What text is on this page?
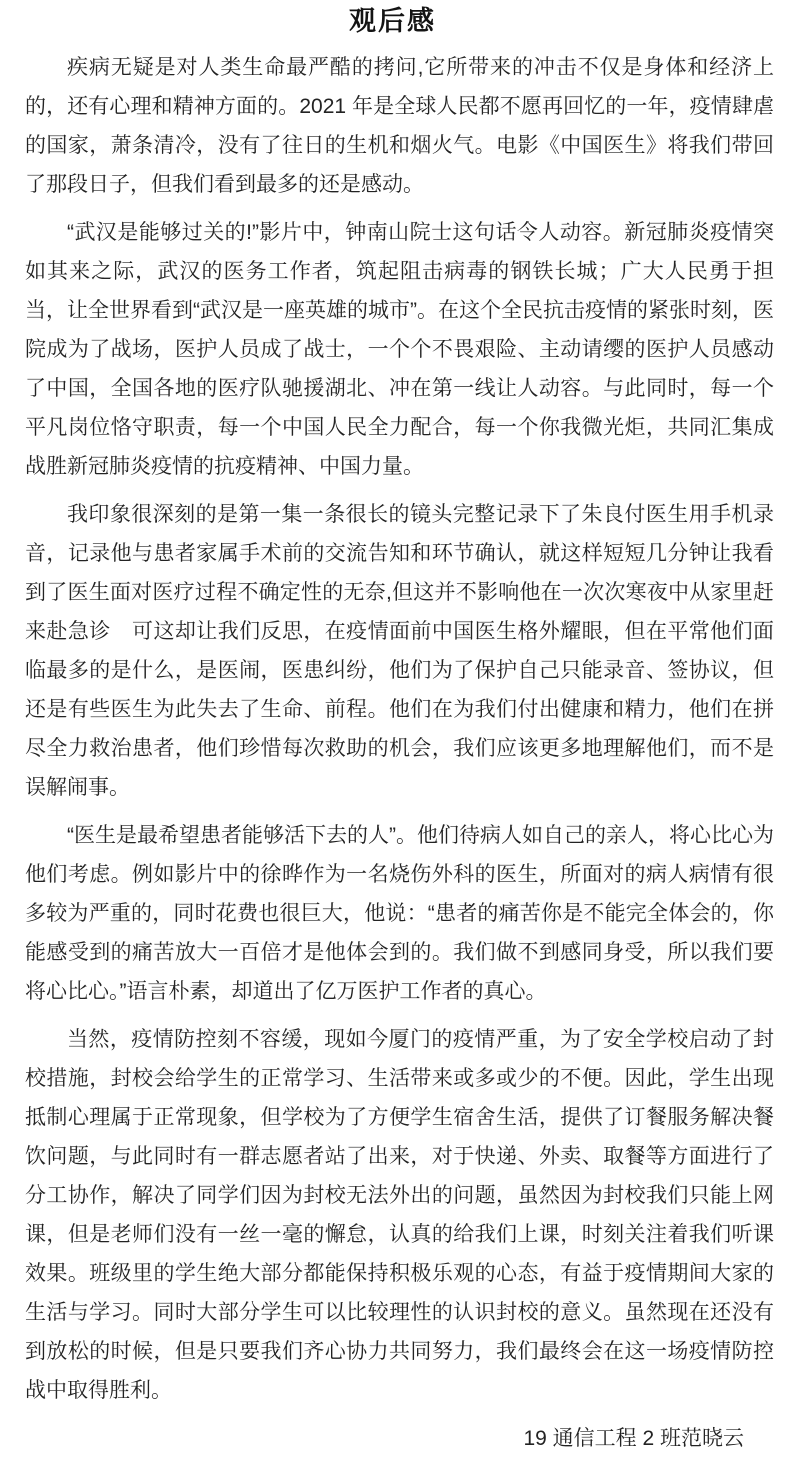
观后感

疾病无疑是对人类生命最严酷的拷问,它所带来的冲击不仅是身体和经济上的，还有心理和精神方面的。2021 年是全球人民都不愿再回忆的一年，疫情肆虐的国家，萧条清冷，没有了往日的生机和烟火气。电影《中国医生》将我们带回了那段日子，但我们看到最多的还是感动。

“武汉是能够过关的!”影片中，钟南山院士这句话令人动容。新冠肺炎疫情突如其来之际，武汉的医务工作者，筑起阻击病毒的钢铁长城；广大人民勇于担当，让全世界看到“武汉是一座英雄的城市”。在这个全民抗击疫情的紧张时刻，医院成为了战场，医护人员成了战士，一个个不畏艰险、主动请缨的医护人员感动了中国，全国各地的医疗队驰援湖北、冲在第一线让人动容。与此同时，每一个平凡岗位恪守职责，每一个中国人民全力配合，每一个你我微光炬，共同汇集成战胜新冠肺炎疫情的抗疫精神、中国力量。

我印象很深刻的是第一集一条很长的镜头完整记录下了朱良付医生用手机录音，记录他与患者家属手术前的交流告知和环节确认，就这样短短几分钟让我看到了医生面对医疗过程不确定性的无奈,但这并不影响他在一次次寒夜中从家里赶来赴急诊　可这却让我们反思，在疫情面前中国医生格外耀眼，但在平常他们面临最多的是什么，是医闹，医患纠纷，他们为了保护自己只能录音、签协议，但还是有些医生为此失去了生命、前程。他们在为我们付出健康和精力，他们在拼尽全力救治患者，他们珍惜每次救助的机会，我们应该更多地理解他们，而不是误解闹事。

“医生是最希望患者能够活下去的人”。他们待病人如自己的亲人，将心比心为他们考虑。例如影片中的徐晔作为一名烧伤外科的医生，所面对的病人病情有很多较为严重的，同时花费也很巨大，他说：“患者的痛苦你是不能完全体会的，你能感受到的痛苦放大一百倍才是他体会到的。我们做不到感同身受，所以我们要将心比心。”语言朴素，却道出了亿万医护工作者的真心。

当然，疫情防控刻不容缓，现如今厦门的疫情严重，为了安全学校启动了封校措施，封校会给学生的正常学习、生活带来或多或少的不便。因此，学生出现抵制心理属于正常现象，但学校为了方便学生宿舍生活，提供了订餐服务解决餐饮问题，与此同时有一群志愿者站了出来，对于快递、外卖、取餐等方面进行了分工协作，解决了同学们因为封校无法外出的问题，虽然因为封校我们只能上网课，但是老师们没有一丝一毫的懈怠，认真的给我们上课，时刻关注着我们听课效果。班级里的学生绝大部分都能保持积极乐观的心态，有益于疫情期间大家的生活与学习。同时大部分学生可以比较理性的认识封校的意义。虽然现在还没有到放松的时候，但是只要我们齐心协力共同努力，我们最终会在这一场疫情防控战中取得胜利。

19 通信工程 2 班范晓云
